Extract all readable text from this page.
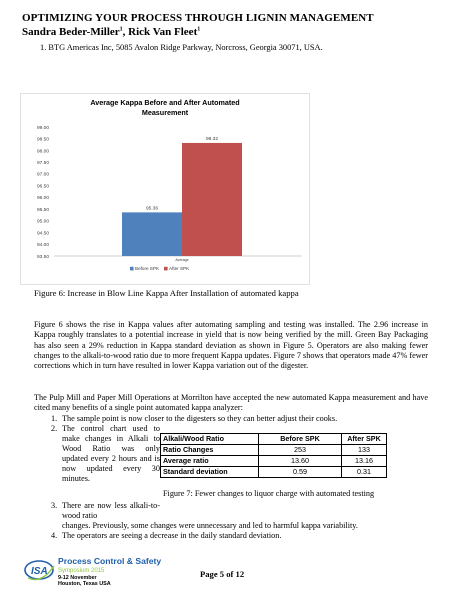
OPTIMIZING YOUR PROCESS THROUGH LIGNIN MANAGEMENT
Sandra Beder-Miller$^1$, Rick Van Fleet$^1$
1. BTG Americas Inc, 5085 Avalon Ridge Parkway, Norcross, Georgia 30071, USA.
Average Kappa Before and After Automated
Measurement
99.00
98.50
98.00
97.50
97.00
96.50
96.00
95.50
95.00
94.50
94.00
93.50
95.36
98.32
Average
Before SPK After SPK
Figure 6: Increase in Blow Line Kappa After Installation of automated kappa
Figure 6 shows the rise in Kappa values after automating sampling and testing was installed. The 2.96 increase in Kappa roughly translates to a potential increase in yield that is now being verified by the mill. Green Bay Packaging has also seen a 29% reduction in Kappa standard deviation as shown in Figure 5. Operators are also making fewer changes to the alkali-to-wood ratio due to more frequent Kappa updates. Figure 7 shows that operators made 47% fewer corrections which in turn have resulted in lower Kappa variation out of the digester.
The Pulp Mill and Paper Mill Operations at Morrilton have accepted the new automated Kappa measurement and have cited many benefits of a single point automated kappa analyzer:
1. The sample point is now closer to the digesters so they can better adjust their cooks.
2. The control chart used to make changes in Alkali to Wood Ratio was only updated every 2 hours and is now updated every 30 minutes.
Alkali/Wood Ratio	Before SPK	After SPK
Ratio Changes	253	133
Average ratio	13.60	13.16
Standard deviation	0.59	0.31
Figure 7: Fewer changes to liquor charge with automated testing
3. There are now less alkali-to-wood ratio
changes. Previously, some changes were unnecessary and led to harmful kappa variability.
4. The operators are seeing a decrease in the daily standard deviation.
ISA
Process Control & Safety
Symposium 2015
9-12 November
Houston, Texas USA
Page 5 of 12
